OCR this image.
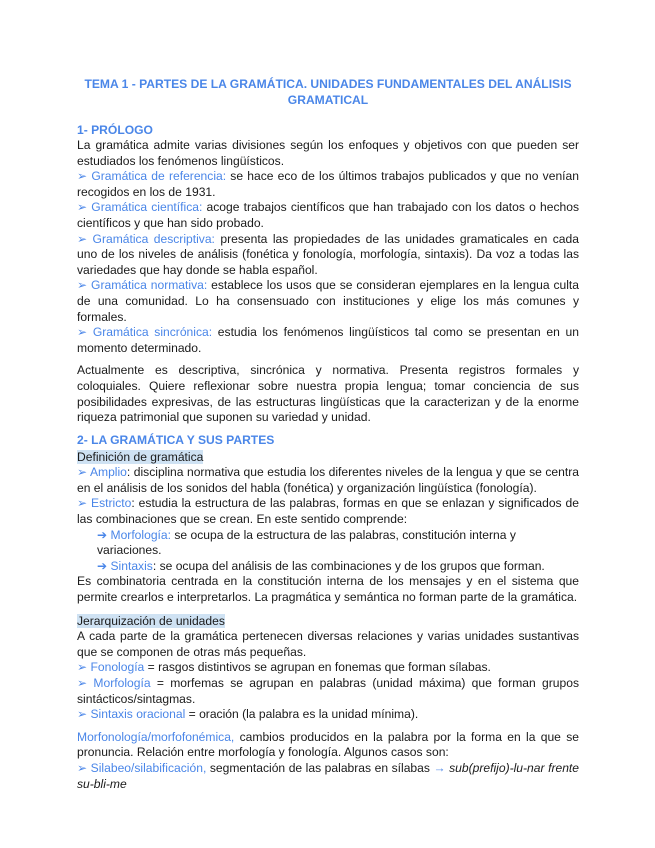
TEMA 1 - PARTES DE LA GRAMÁTICA. UNIDADES FUNDAMENTALES DEL ANÁLISIS GRAMATICAL
1- PRÓLOGO

La gramática admite varias divisiones según los enfoques y objetivos con que pueden ser estudiados los fenómenos lingüísticos.

➢ Gramática de referencia: se hace eco de los últimos trabajos publicados y que no venían recogidos en los de 1931.

➢ Gramática científica: acoge trabajos científicos que han trabajado con los datos o hechos científicos y que han sido probado.

➢ Gramática descriptiva: presenta las propiedades de las unidades gramaticales en cada uno de los niveles de análisis (fonética y fonología, morfología, sintaxis). Da voz a todas las variedades que hay donde se habla español.

➢ Gramática normativa: establece los usos que se consideran ejemplares en la lengua culta de una comunidad. Lo ha consensuado con instituciones y elige los más comunes y formales.

➢ Gramática sincrónica: estudia los fenómenos lingüísticos tal como se presentan en un momento determinado.

Actualmente es descriptiva, sincrónica y normativa. Presenta registros formales y coloquiales. Quiere reflexionar sobre nuestra propia lengua; tomar conciencia de sus posibilidades expresivas, de las estructuras lingüísticas que la caracterizan y de la enorme riqueza patrimonial que suponen su variedad y unidad.

2- LA GRAMÁTICA Y SUS PARTES
Definición de gramática

➢ Amplio: disciplina normativa que estudia los diferentes niveles de la lengua y que se centra en el análisis de los sonidos del habla (fonética) y organización lingüística (fonología).

➢ Estricto: estudia la estructura de las palabras, formas en que se enlazan y significados de las combinaciones que se crean. En este sentido comprende:

➔ Morfología: se ocupa de la estructura de las palabras, constitución interna y variaciones.

➔ Sintaxis: se ocupa del análisis de las combinaciones y de los grupos que forman.

Es combinatoria centrada en la constitución interna de los mensajes y en el sistema que permite crearlos e interpretarlos. La pragmática y semántica no forman parte de la gramática.

Jerarquización de unidades

A cada parte de la gramática pertenecen diversas relaciones y varias unidades sustantivas que se componen de otras más pequeñas.

➢ Fonología = rasgos distintivos se agrupan en fonemas que forman sílabas.

➢ Morfología = morfemas se agrupan en palabras (unidad máxima) que forman grupos sintácticos/sintagmas.

➢ Sintaxis oracional = oración (la palabra es la unidad mínima).

Morfonología/morfofonémica, cambios producidos en la palabra por la forma en la que se pronuncia. Relación entre morfología y fonología. Algunos casos son:

➢ Silabeo/silabificación, segmentación de las palabras en sílabas → sub(prefijo)-lu-nar frente su-bli-me
